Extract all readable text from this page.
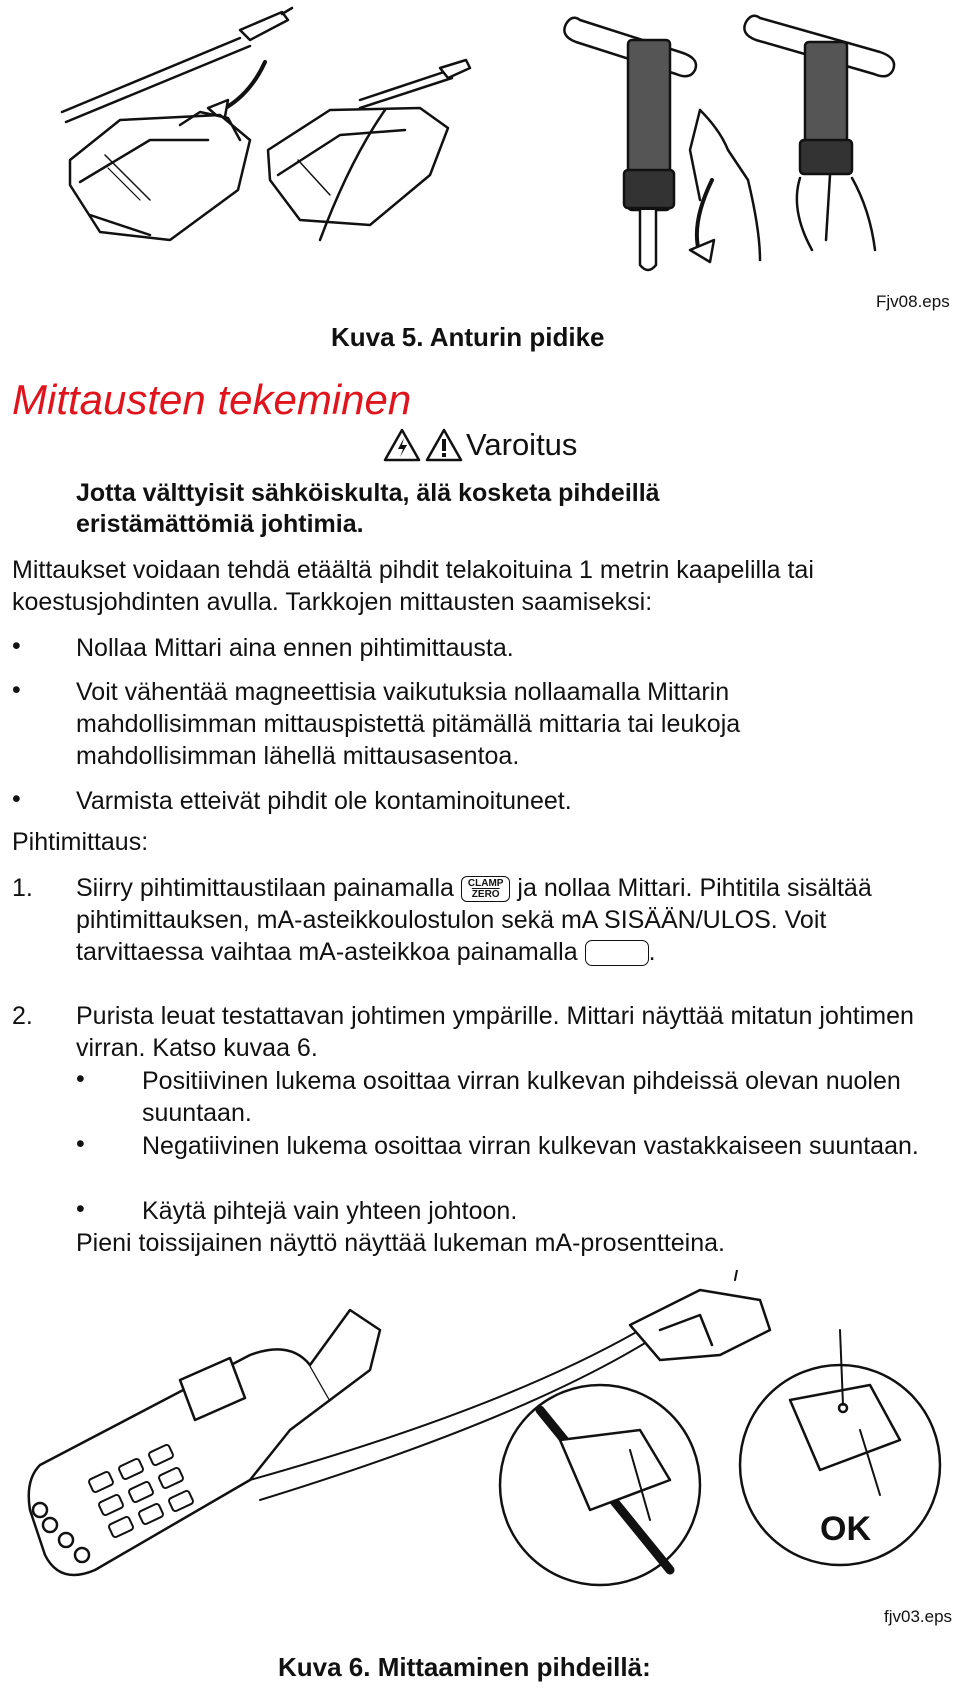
Fjv08.eps
Kuva 5. Anturin pidike
Mittausten tekeminen
Varoitus
Jotta välttyisit sähköiskulta, älä kosketa pihdeillä eristämättömiä johtimia.
Mittaukset voidaan tehdä etäältä pihdit telakoituina 1 metrin kaapelilla tai koestusjohdinten avulla. Tarkkojen mittausten saamiseksi:
• Nollaa Mittari aina ennen pihtimittausta.
• Voit vähentää magneettisia vaikutuksia nollaamalla Mittarin mahdollisimman mittauspistettä pitämällä mittaria tai leukoja mahdollisimman lähellä mittausasentoa.
• Varmista etteivät pihdit ole kontaminoituneet.
Pihtimittaus:
1. Siirry pihtimittaustilaan painamalla CLAMP
ZERO ja nollaa Mittari. Pihtitila sisältää pihtimittauksen, mA-asteikkoulostulon sekä mA SISÄÄN/ULOS. Voit tarvittaessa vaihtaa mA-asteikkoa painamalla	.
2. Purista leuat testattavan johtimen ympärille. Mittari näyttää mitatun johtimen virran. Katso kuvaa 6.
• Positiivinen lukema osoittaa virran kulkevan pihdeissä olevan nuolen suuntaan.
• Negatiivinen lukema osoittaa virran kulkevan vastakkaiseen suuntaan.
• Käytä pihtejä vain yhteen johtoon.
Pieni toissijainen näyttö näyttää lukeman mA-prosentteina.
OK
fjv03.eps
Kuva 6. Mittaaminen pihdeillä:
